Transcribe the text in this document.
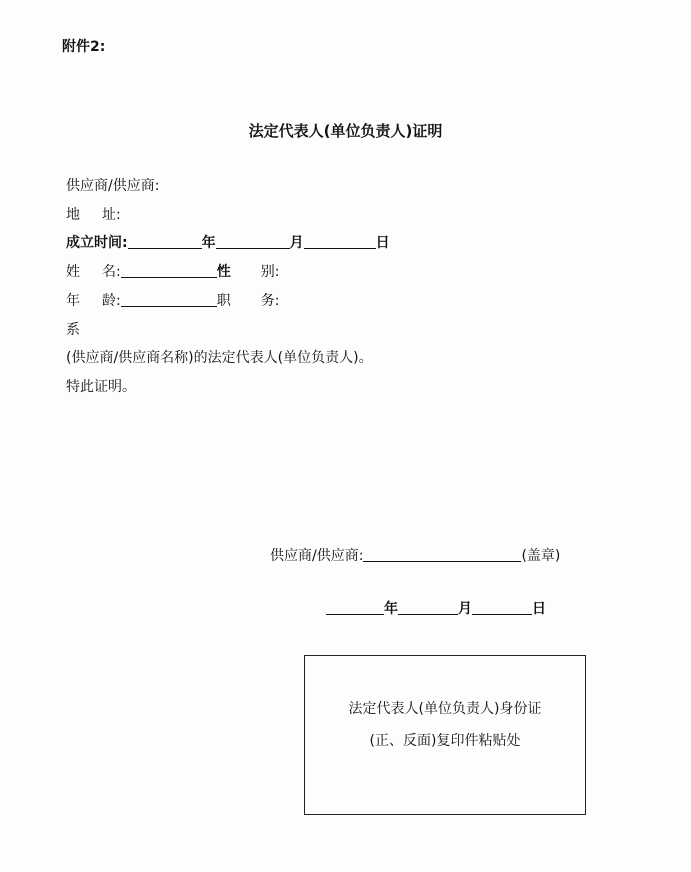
附件2:
法定代表人(单位负责人)证明
供应商/供应商:
地 址:
成立时间:	年	月	日
姓 名:	性 别:
年 龄:	职 务:
系
(供应商/供应商名称)的法定代表人(单位负责人)。
特此证明。
供应商/供应商:	(盖章)
年	月	日
法定代表人(单位负责人)身份证
(正、反面)复印件粘贴处
